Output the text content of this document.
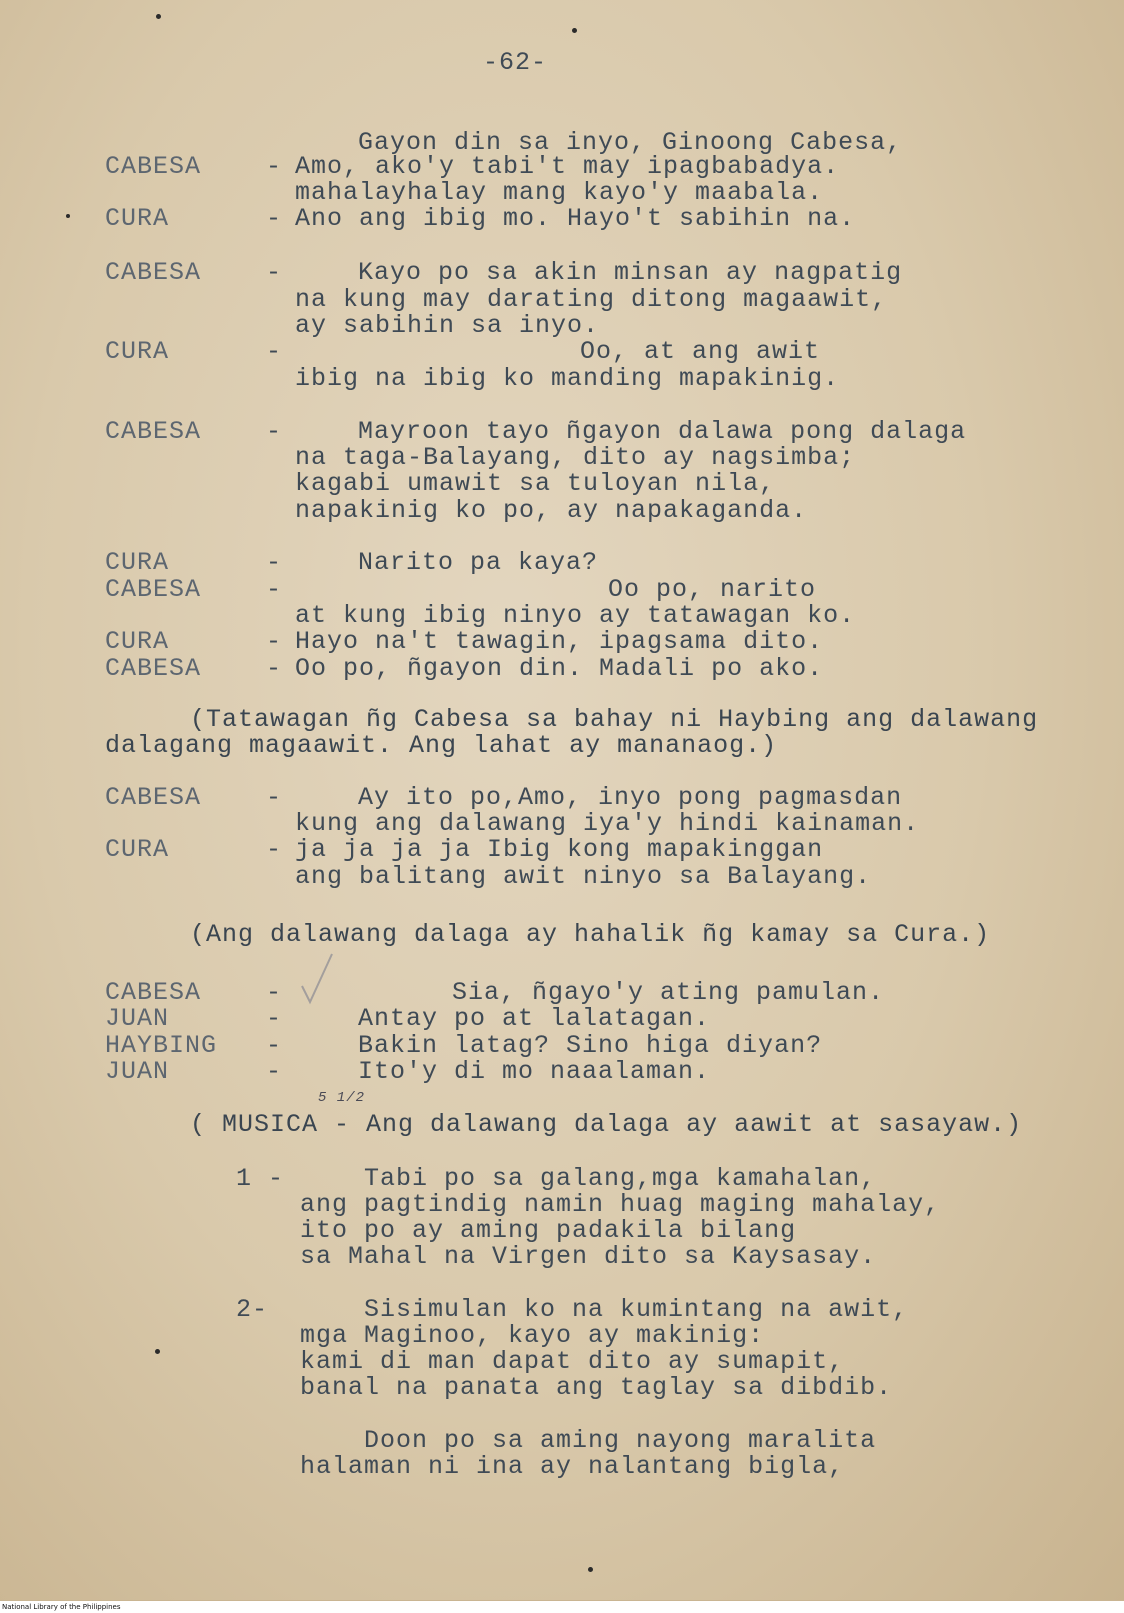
-62-
Gayon din sa inyo, Ginoong Cabesa,
CABESA	- Amo, ako'y tabi't may ipagbabadya.
mahalayhalay mang kayo'y maabala.
CURA	- Ano ang ibig mo. Hayo't sabihin na.
CABESA	-	Kayo po sa akin minsan ay nagpatig
na kung may darating ditong magaawit,
ay sabihin sa inyo.
CURA	-	Oo, at ang awit
ibig na ibig ko manding mapakinig.
CABESA	-	Mayroon tayo ñgayon dalawa pong dalaga
na taga-Balayang, dito ay nagsimba;
kagabi umawit sa tuloyan nila,
napakinig ko po, ay napakaganda.
CURA	-	Narito pa kaya?
CABESA	-	Oo po, narito
at kung ibig ninyo ay tatawagan ko.
CURA	- Hayo na't tawagin, ipagsama dito.
CABESA	- Oo po, ñgayon din. Madali po ako.
(Tatawagan ñg Cabesa sa bahay ni Haybing ang dalawang
dalagang magaawit. Ang lahat ay mananaog.)
CABESA	-	Ay ito po,Amo, inyo pong pagmasdan
kung ang dalawang iya'y hindi kainaman.
CURA	- ja ja ja ja Ibig kong mapakinggan
ang balitang awit ninyo sa Balayang.
(Ang dalawang dalaga ay hahalik ñg kamay sa Cura.)
CABESA	-	Sia, ñgayo'y ating pamulan.
JUAN	-	Antay po at lalatagan.
HAYBING -	Bakin latag? Sino higa diyan?
JUAN	-	Ito'y di mo naaalaman.
( MUSICA - Ang dalawang dalaga ay aawit at sasayaw.)
5 1/2
1 -	Tabi po sa galang,mga kamahalan,
ang pagtindig namin huag maging mahalay,
ito po ay aming padakila bilang
sa Mahal na Virgen dito sa Kaysasay.
2-	Sisimulan ko na kumintang na awit,
mga Maginoo, kayo ay makinig:
kami di man dapat dito ay sumapit,
banal na panata ang taglay sa dibdib.
Doon po sa aming nayong maralita
halaman ni ina ay nalantang bigla,
National Library of the Philippines
